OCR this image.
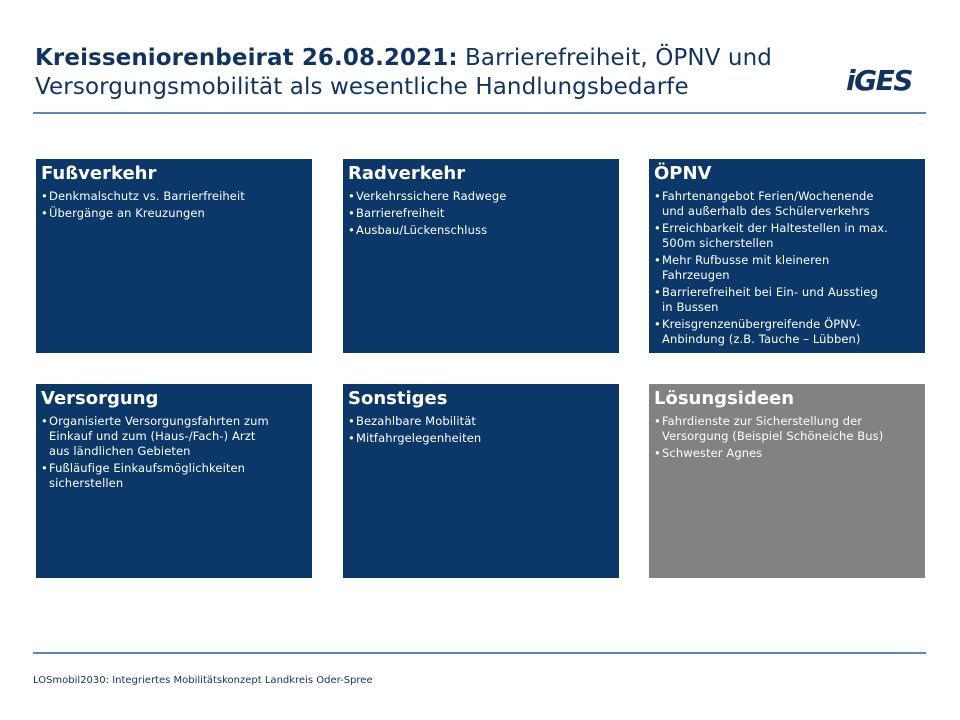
Kreisseniorenbeirat 26.08.2021: Barrierefreiheit, ÖPNV und Versorgungsmobilität als wesentliche Handlungsbedarfe	iGES
Fußverkehr
• Denkmalschutz vs. Barrierfreiheit
• Übergänge an Kreuzungen
Radverkehr
• Verkehrssichere Radwege
• Barrierefreiheit
• Ausbau/Lückenschluss
ÖPNV
• Fahrtenangebot Ferien/Wochenende
und außerhalb des Schülerverkehrs
• Erreichbarkeit der Haltestellen in max.
500m sicherstellen
• Mehr Rufbusse mit kleineren
Fahrzeugen
• Barrierefreiheit bei Ein- und Ausstieg
in Bussen
• Kreisgrenzenübergreifende ÖPNV-
Anbindung (z.B. Tauche – Lübben)
Versorgung
• Organisierte Versorgungsfahrten zum
Einkauf und zum (Haus-/Fach-) Arzt
aus ländlichen Gebieten
• Fußläufige Einkaufsmöglichkeiten
sicherstellen
Sonstiges
• Bezahlbare Mobilität
• Mitfahrgelegenheiten
Lösungsideen
• Fahrdienste zur Sicherstellung der
Versorgung (Beispiel Schöneiche Bus)
• Schwester Agnes
LOSmobil2030: Integriertes Mobilitätskonzept Landkreis Oder-Spree
